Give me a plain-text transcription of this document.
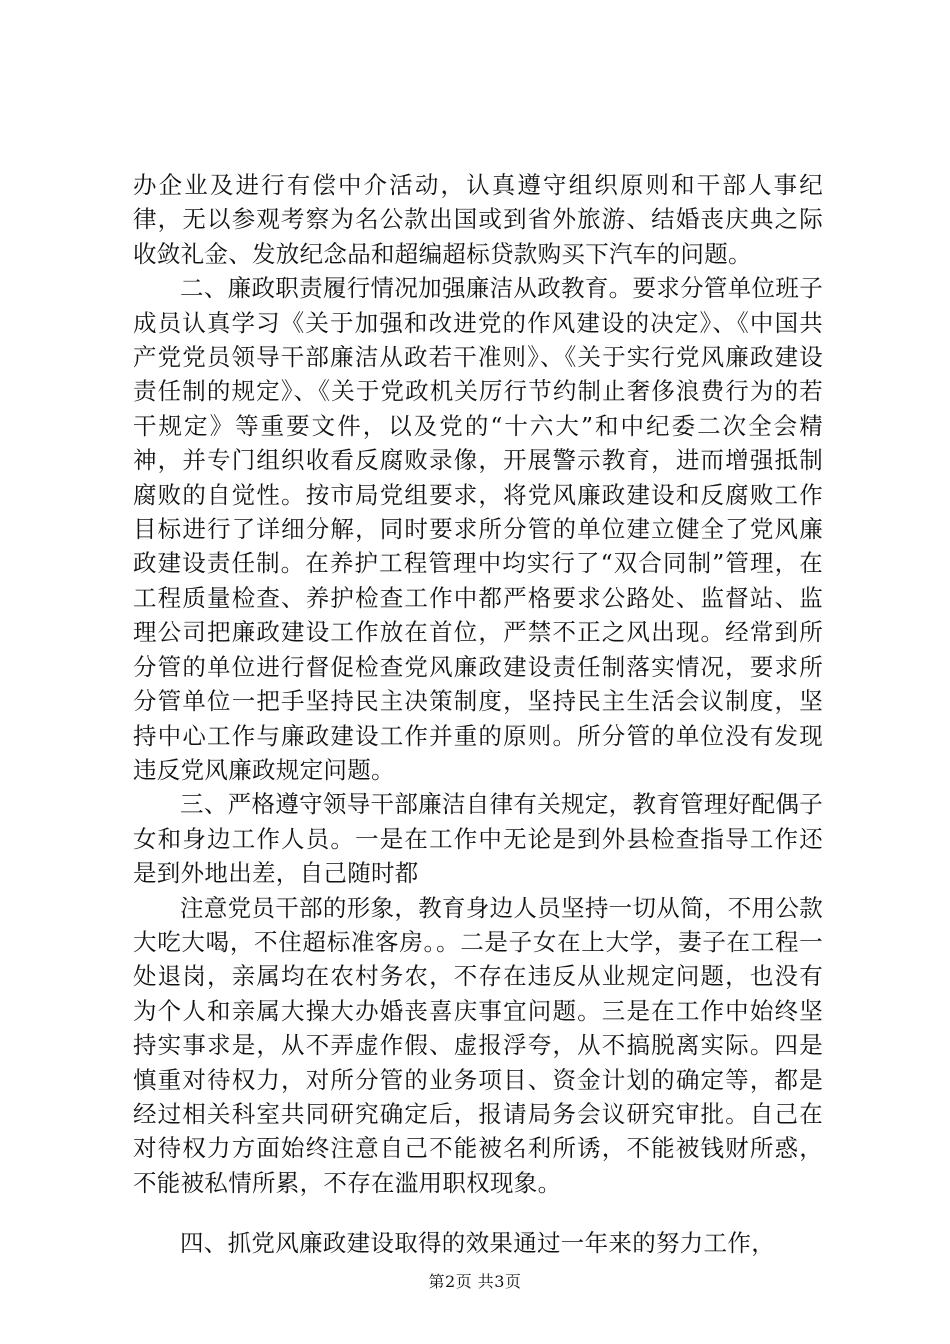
办企业及进行有偿中介活动，认真遵守组织原则和干部人事纪律，无以参观考察为名公款出国或到省外旅游、结婚丧庆典之际收敛礼金、发放纪念品和超编超标贷款购买下汽车的问题。

二、廉政职责履行情况加强廉洁从政教育。要求分管单位班子成员认真学习《关于加强和改进党的作风建设的决定》、《中国共产党党员领导干部廉洁从政若干准则》、《关于实行党风廉政建设责任制的规定》、《关于党政机关厉行节约制止奢侈浪费行为的若干规定》等重要文件，以及党的“十六大”和中纪委二次全会精神，并专门组织收看反腐败录像，开展警示教育，进而增强抵制腐败的自觉性。按市局党组要求，将党风廉政建设和反腐败工作目标进行了详细分解，同时要求所分管的单位建立健全了党风廉政建设责任制。在养护工程管理中均实行了“双合同制”管理，在工程质量检查、养护检查工作中都严格要求公路处、监督站、监理公司把廉政建设工作放在首位，严禁不正之风出现。经常到所分管的单位进行督促检查党风廉政建设责任制落实情况，要求所分管单位一把手坚持民主决策制度，坚持民主生活会议制度，坚持中心工作与廉政建设工作并重的原则。所分管的单位没有发现违反党风廉政规定问题。

三、严格遵守领导干部廉洁自律有关规定，教育管理好配偶子女和身边工作人员。一是在工作中无论是到外县检查指导工作还是到外地出差，自己随时都

注意党员干部的形象，教育身边人员坚持一切从简，不用公款大吃大喝，不住超标准客房。。二是子女在上大学，妻子在工程一处退岗，亲属均在农村务农，不存在违反从业规定问题，也没有为个人和亲属大操大办婚丧喜庆事宜问题。三是在工作中始终坚持实事求是，从不弄虚作假、虚报浮夸，从不搞脱离实际。四是慎重对待权力，对所分管的业务项目、资金计划的确定等，都是经过相关科室共同研究确定后，报请局务会议研究审批。自己在对待权力方面始终注意自己不能被名利所诱，不能被钱财所惑，不能被私情所累，不存在滥用职权现象。

四、抓党风廉政建设取得的效果通过一年来的努力工作，

第2页 共3页
